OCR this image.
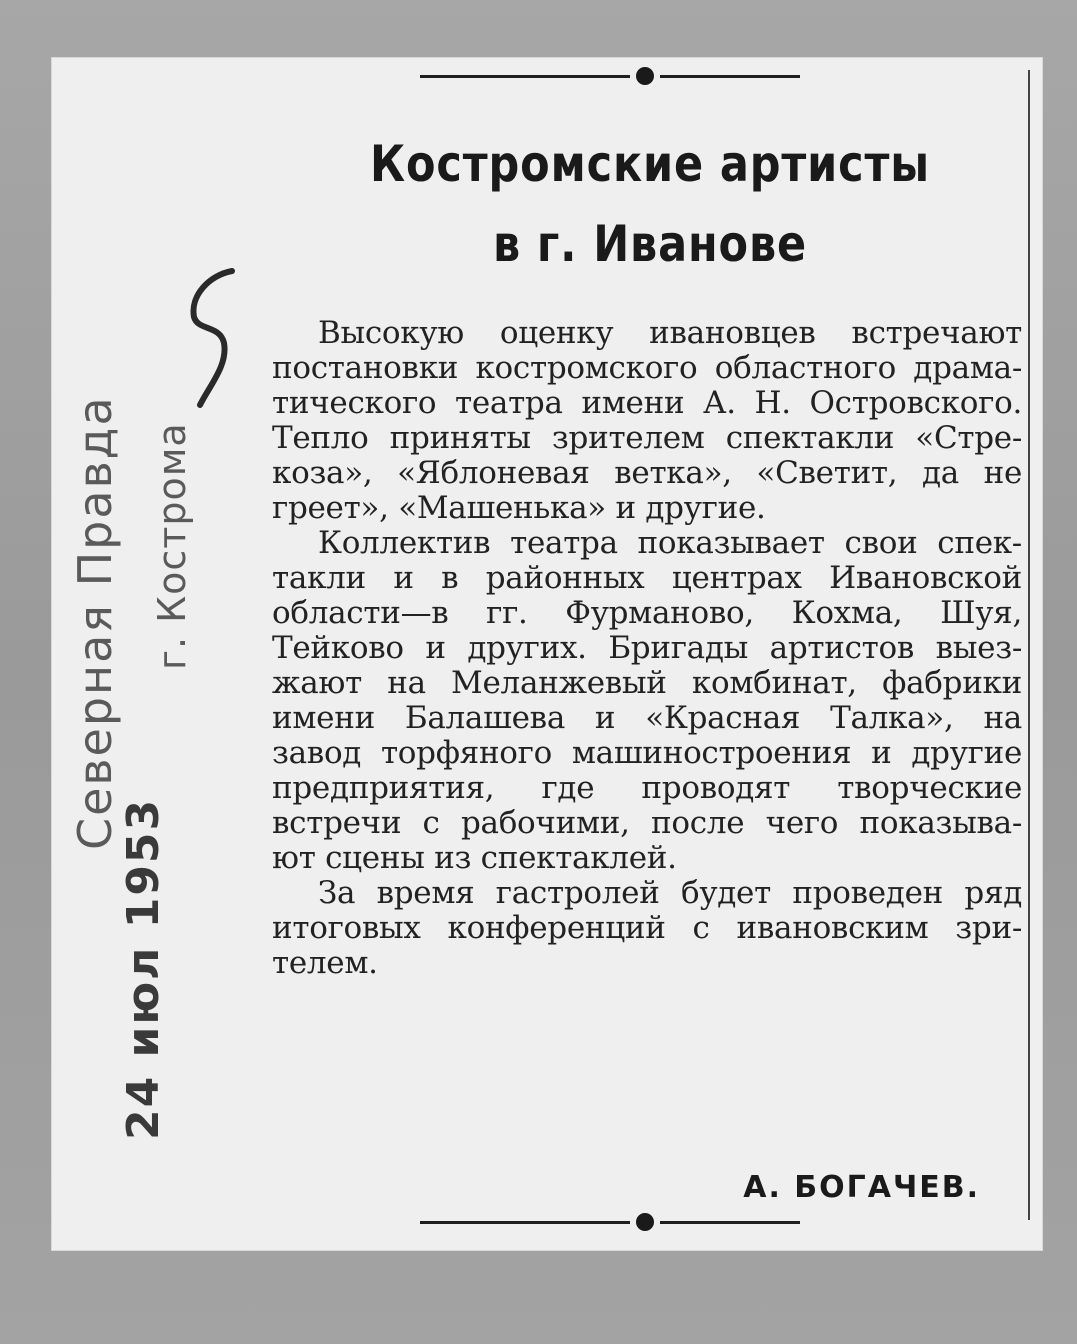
Костромские артисты
в г. Иванове
Высокую оценку ивановцев встречают
постановки костромского областного драма-
тического театра имени А. Н. Островского.
Тепло приняты зрителем спектакли «Стре-
коза», «Яблоневая ветка», «Светит, да не
греет», «Машенька» и другие.
Коллектив театра показывает свои спек-
такли и в районных центрах Ивановской
области—в гг. Фурманово, Кохма, Шуя,
Тейково и других. Бригады артистов выез-
жают на Меланжевый комбинат, фабрики
имени Балашева и «Красная Талка», на
завод торфяного машиностроения и другие
предприятия, где проводят творческие
встречи с рабочими, после чего показыва-
ют сцены из спектаклей.
За время гастролей будет проведен ряд
итоговых конференций с ивановским зри-
телем.
А. БОГАЧЕВ.
Северная Правда г. Кострома
24 июл 1953
